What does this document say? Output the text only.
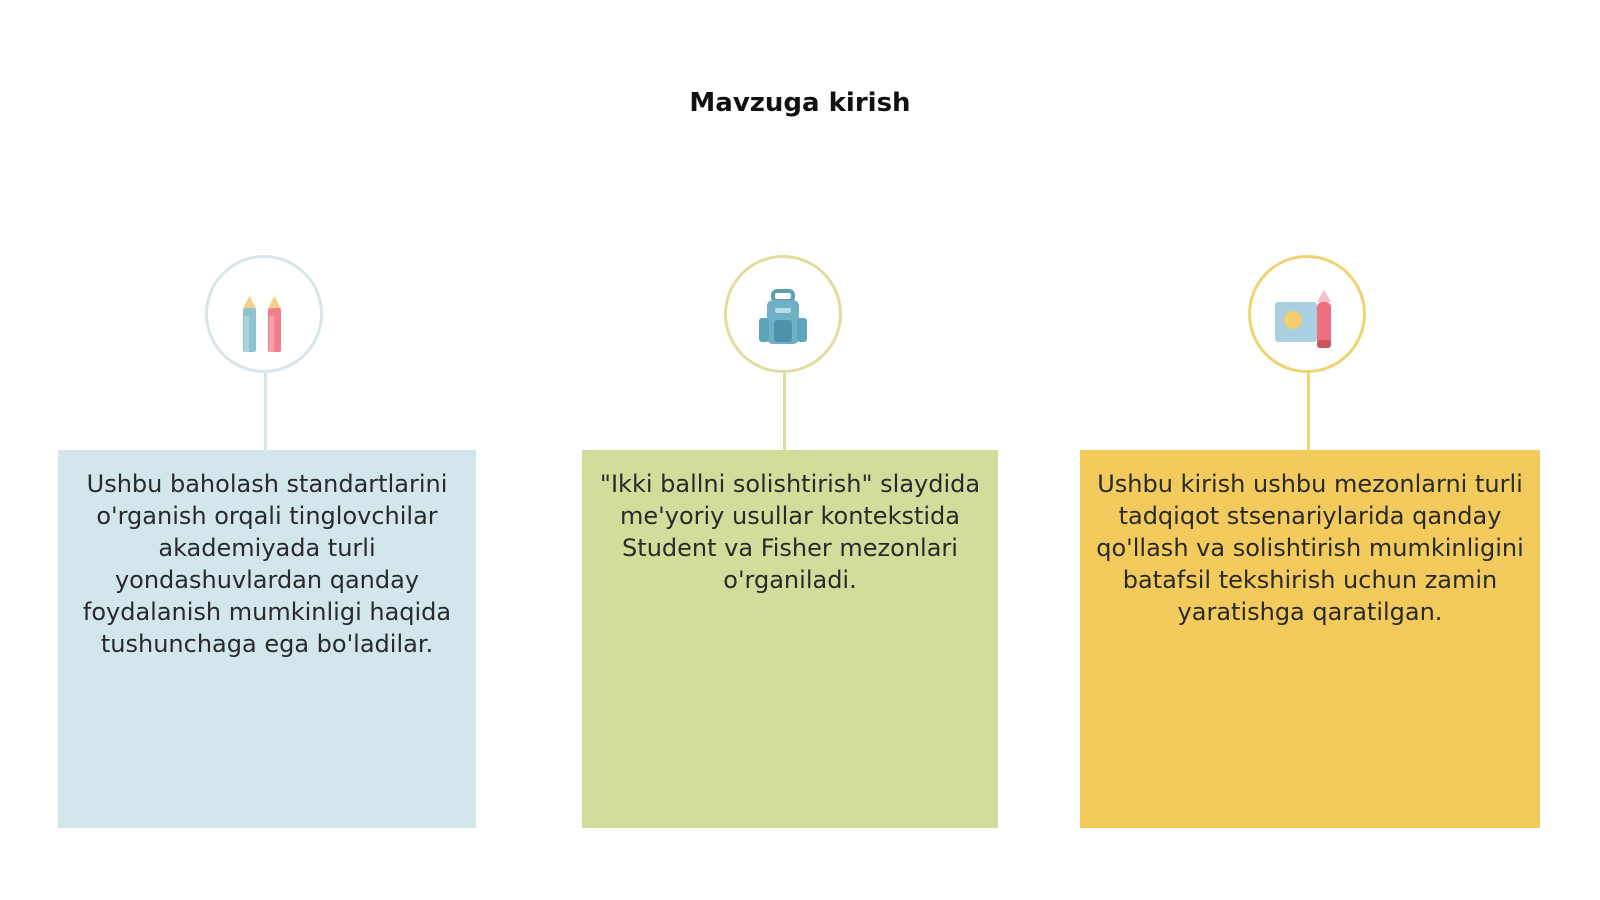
Mavzuga kirish
Ushbu baholash standartlarini o'rganish orqali tinglovchilar akademiyada turli yondashuvlardan qanday foydalanish mumkinligi haqida tushunchaga ega bo'ladilar.
"Ikki ballni solishtirish" slaydida me'yoriy usullar kontekstida Student va Fisher mezonlari o'rganiladi.
Ushbu kirish ushbu mezonlarni turli tadqiqot stsenariylarida qanday qo'llash va solishtirish mumkinligini batafsil tekshirish uchun zamin yaratishga qaratilgan.
